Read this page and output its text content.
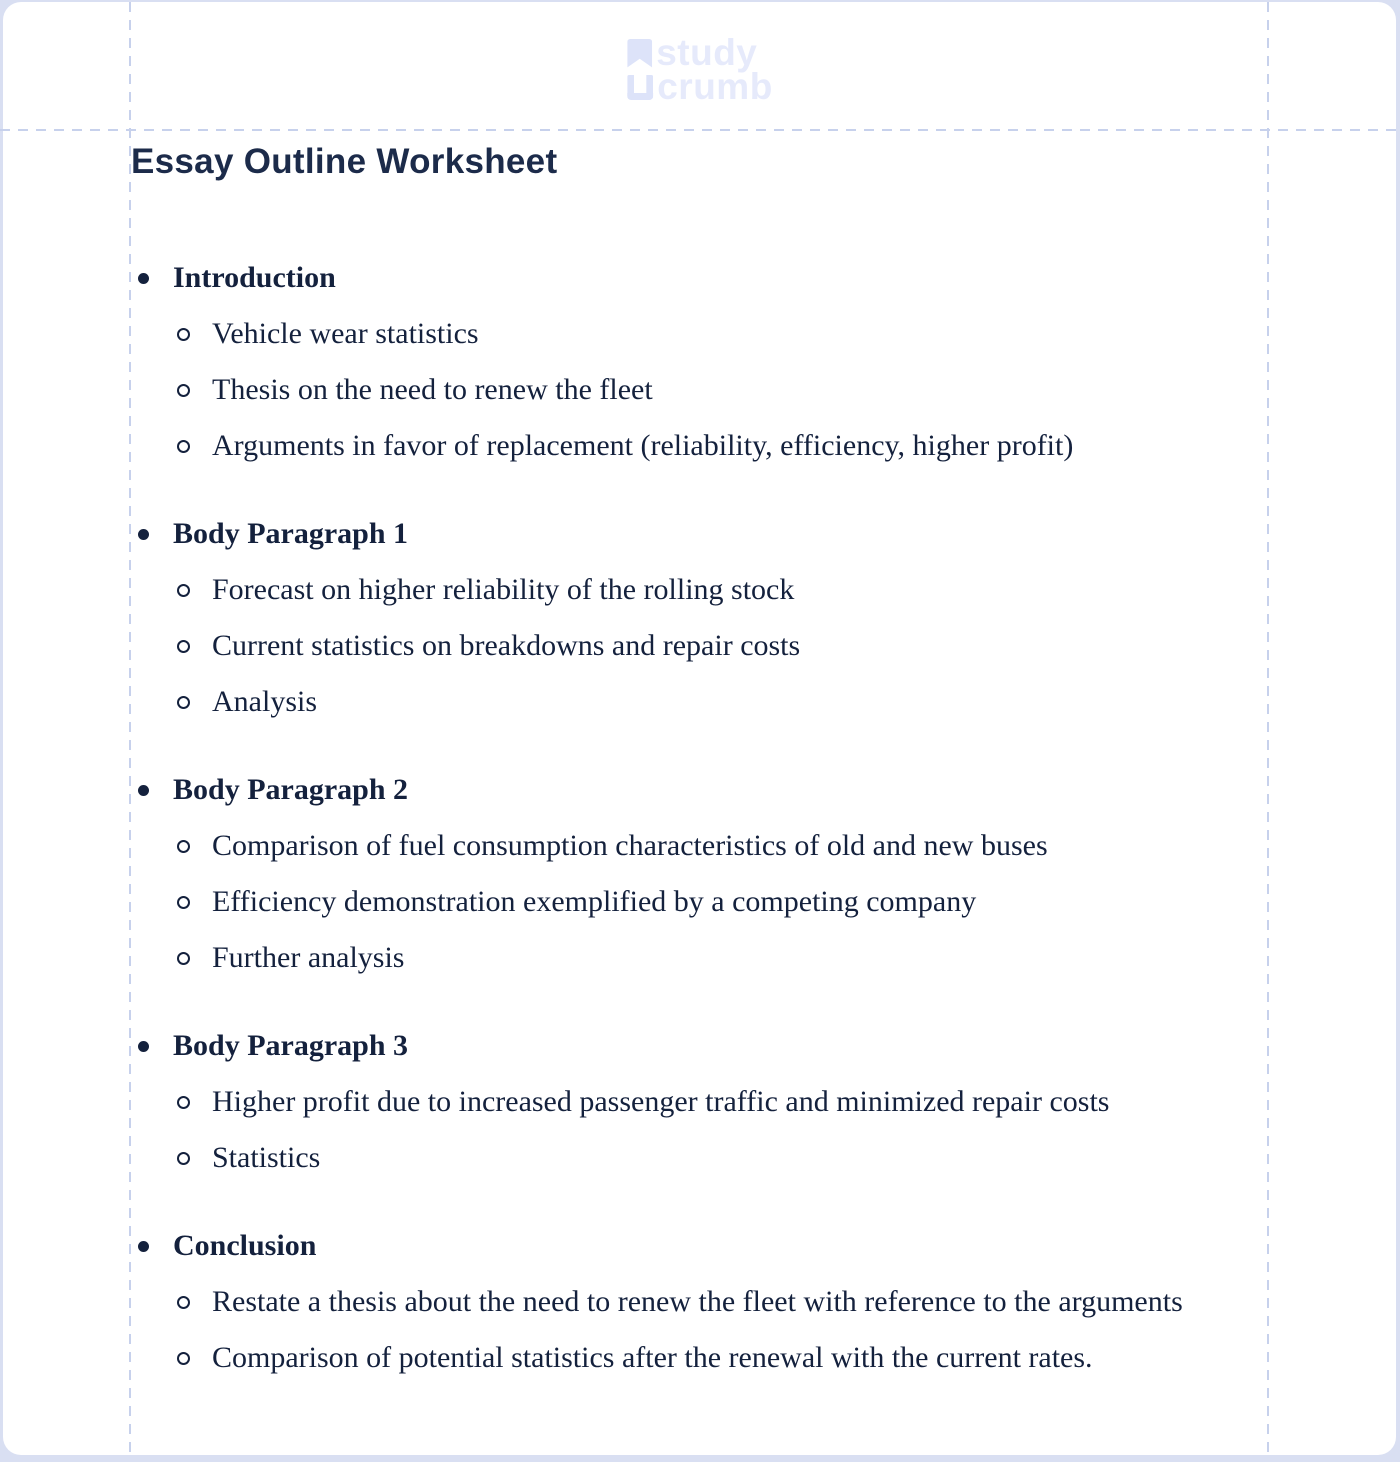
study
crumb
Essay Outline Worksheet
Introduction
Vehicle wear statistics
Thesis on the need to renew the fleet
Arguments in favor of replacement (reliability, efficiency, higher profit)
Body Paragraph 1
Forecast on higher reliability of the rolling stock
Current statistics on breakdowns and repair costs
Analysis
Body Paragraph 2
Comparison of fuel consumption characteristics of old and new buses
Efficiency demonstration exemplified by a competing company
Further analysis
Body Paragraph 3
Higher profit due to increased passenger traffic and minimized repair costs
Statistics
Conclusion
Restate a thesis about the need to renew the fleet with reference to the arguments
Comparison of potential statistics after the renewal with the current rates.
